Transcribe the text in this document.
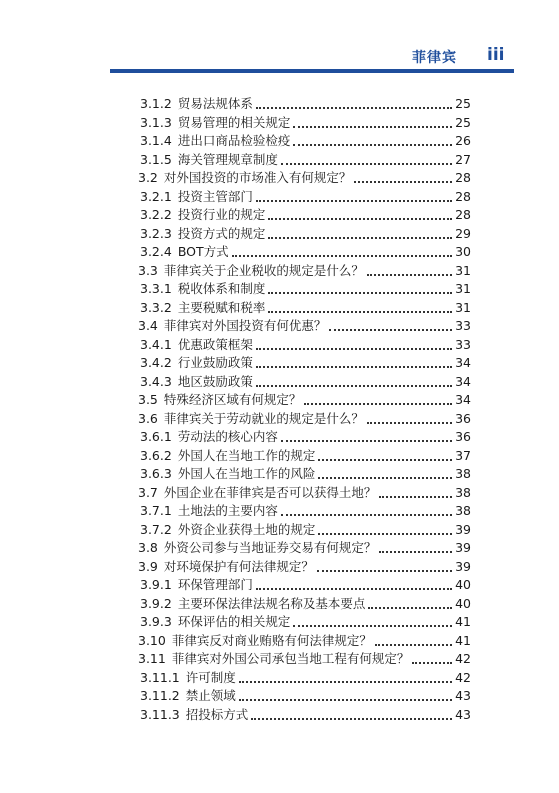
菲律宾 iii
3.1.2 贸易法规体系	25
3.1.3 贸易管理的相关规定	25
3.1.4 进出口商品检验检疫	26
3.1.5 海关管理规章制度	27
3.2 对外国投资的市场准入有何规定？	28
3.2.1 投资主管部门	28
3.2.2 投资行业的规定	28
3.2.3 投资方式的规定	29
3.2.4 BOT方式	30
3.3 菲律宾关于企业税收的规定是什么？	31
3.3.1 税收体系和制度	31
3.3.2 主要税赋和税率	31
3.4 菲律宾对外国投资有何优惠？	33
3.4.1 优惠政策框架	33
3.4.2 行业鼓励政策	34
3.4.3 地区鼓励政策	34
3.5 特殊经济区域有何规定？	34
3.6 菲律宾关于劳动就业的规定是什么？	36
3.6.1 劳动法的核心内容	36
3.6.2 外国人在当地工作的规定	37
3.6.3 外国人在当地工作的风险	38
3.7 外国企业在菲律宾是否可以获得土地？	38
3.7.1 土地法的主要内容	38
3.7.2 外资企业获得土地的规定	39
3.8 外资公司参与当地证券交易有何规定？	39
3.9 对环境保护有何法律规定？	39
3.9.1 环保管理部门	40
3.9.2 主要环保法律法规名称及基本要点	40
3.9.3 环保评估的相关规定	41
3.10 菲律宾反对商业贿赂有何法律规定？	41
3.11 菲律宾对外国公司承包当地工程有何规定？	42
3.11.1 许可制度	42
3.11.2 禁止领域	43
3.11.3 招投标方式	43
